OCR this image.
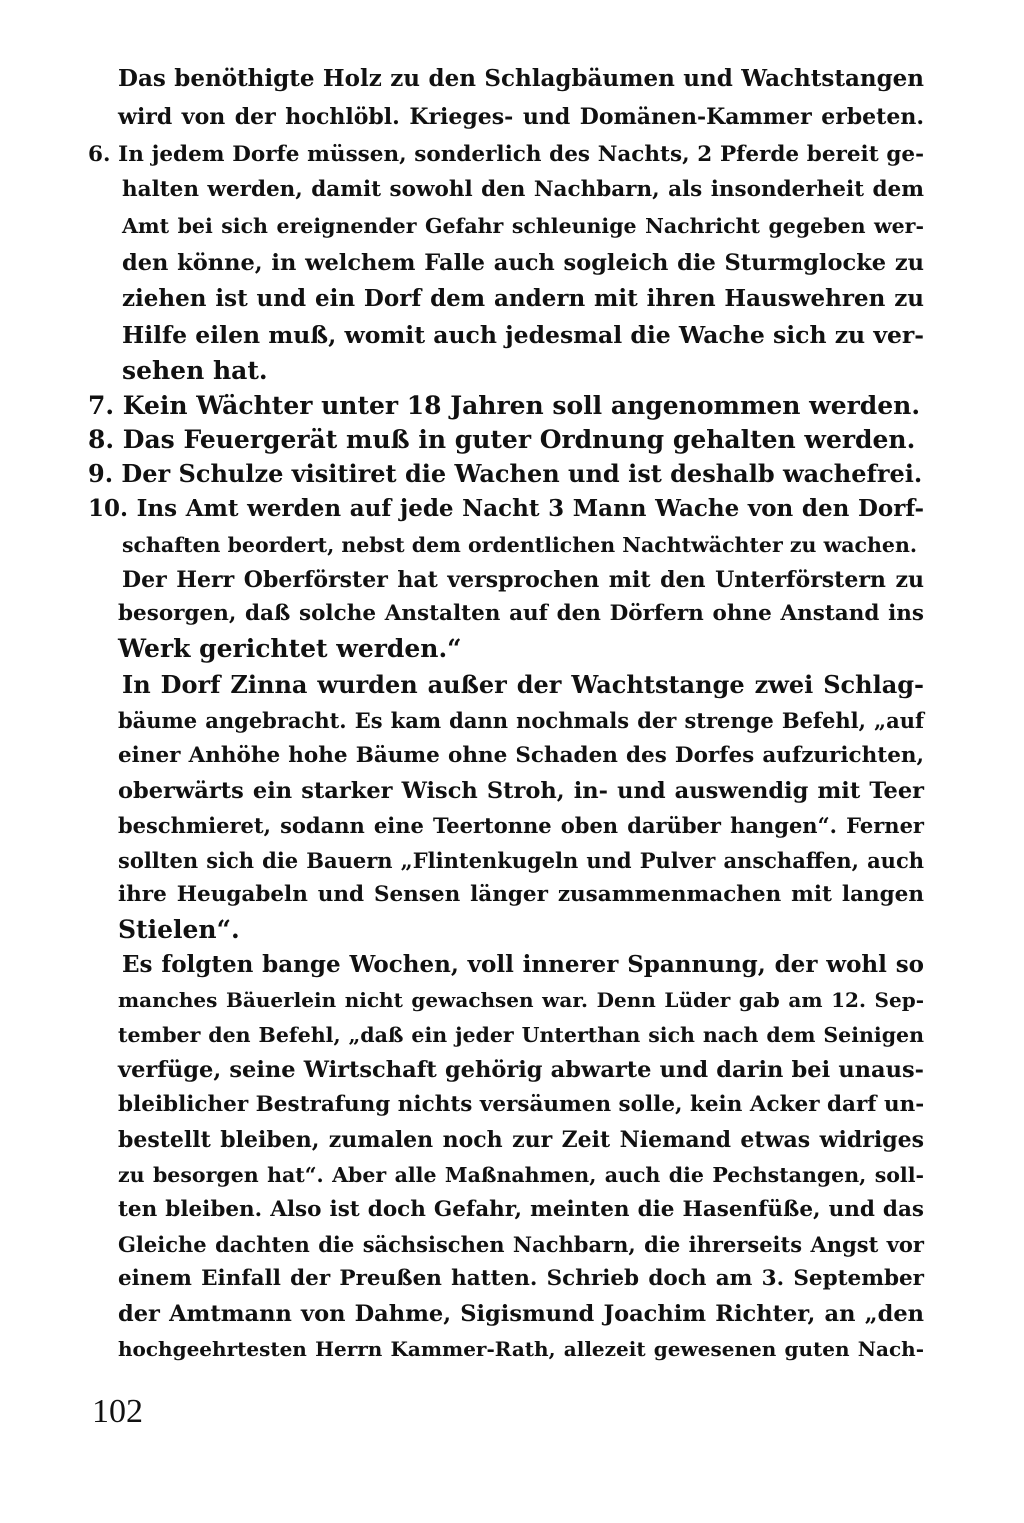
Das benöthigte Holz zu den Schlagbäumen und Wachtstangen
wird von der hochlöbl. Krieges- und Domänen-Kammer erbeten.
6. In jedem Dorfe müssen, sonderlich des Nachts, 2 Pferde bereit ge-
halten werden, damit sowohl den Nachbarn, als insonderheit dem
Amt bei sich ereignender Gefahr schleunige Nachricht gegeben wer-
den könne, in welchem Falle auch sogleich die Sturmglocke zu
ziehen ist und ein Dorf dem andern mit ihren Hauswehren zu
Hilfe eilen muß, womit auch jedesmal die Wache sich zu ver-
sehen hat.
7. Kein Wächter unter 18 Jahren soll angenommen werden.
8. Das Feuergerät muß in guter Ordnung gehalten werden.
9. Der Schulze visitiret die Wachen und ist deshalb wachefrei.
10. Ins Amt werden auf jede Nacht 3 Mann Wache von den Dorf-
schaften beordert, nebst dem ordentlichen Nachtwächter zu wachen.
Der Herr Oberförster hat versprochen mit den Unterförstern zu
besorgen, daß solche Anstalten auf den Dörfern ohne Anstand ins
Werk gerichtet werden.“
In Dorf Zinna wurden außer der Wachtstange zwei Schlag-
bäume angebracht. Es kam dann nochmals der strenge Befehl, „auf
einer Anhöhe hohe Bäume ohne Schaden des Dorfes aufzurichten,
oberwärts ein starker Wisch Stroh, in- und auswendig mit Teer
beschmieret, sodann eine Teertonne oben darüber hangen“. Ferner
sollten sich die Bauern „Flintenkugeln und Pulver anschaffen, auch
ihre Heugabeln und Sensen länger zusammenmachen mit langen
Stielen“.
Es folgten bange Wochen, voll innerer Spannung, der wohl so
manches Bäuerlein nicht gewachsen war. Denn Lüder gab am 12. Sep-
tember den Befehl, „daß ein jeder Unterthan sich nach dem Seinigen
verfüge, seine Wirtschaft gehörig abwarte und darin bei unaus-
bleiblicher Bestrafung nichts versäumen solle, kein Acker darf un-
bestellt bleiben, zumalen noch zur Zeit Niemand etwas widriges
zu besorgen hat“. Aber alle Maßnahmen, auch die Pechstangen, soll-
ten bleiben. Also ist doch Gefahr, meinten die Hasenfüße, und das
Gleiche dachten die sächsischen Nachbarn, die ihrerseits Angst vor
einem Einfall der Preußen hatten. Schrieb doch am 3. September
der Amtmann von Dahme, Sigismund Joachim Richter, an „den
hochgeehrtesten Herrn Kammer-Rath, allezeit gewesenen guten Nach-
102
